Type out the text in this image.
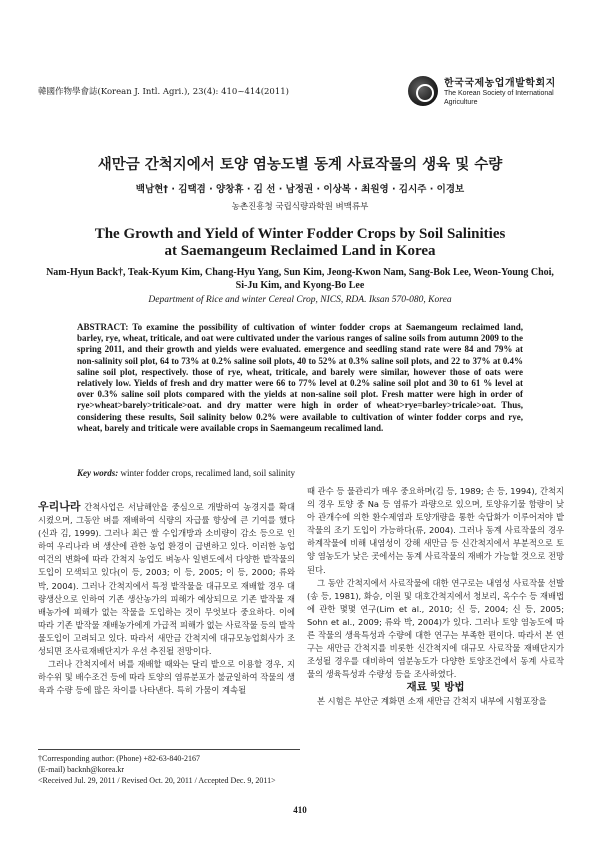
韓國作物學會誌(Korean J. Intl. Agri.), 23(4): 410~414(2011)
한국국제농업개발학회지
The Korean Society of International Agriculture
새만금 간척지에서 토양 염농도별 동계 사료작물의 생육 및 수량
백남현† · 김택겸 · 양창휴 · 김 선 · 남정권 · 이상복 · 최원영 · 김시주 · 이경보
농촌진흥청 국립식량과학원 벼맥류부
The Growth and Yield of Winter Fodder Crops by Soil Salinities
at Saemangeum Reclaimed Land in Korea
Nam-Hyun Back†, Teak-Kyum Kim, Chang-Hyu Yang, Sun Kim, Jeong-Kwon Nam, Sang-Bok Lee, Weon-Young Choi, Si-Ju Kim, and Kyong-Bo Lee
Department of Rice and winter Cereal Crop, NICS, RDA. Iksan 570-080, Korea
ABSTRACT: To examine the possibility of cultivation of winter fodder crops at Saemangeum reclaimed land, barley, rye, wheat, triticale, and oat were cultivated under the various ranges of saline soils from autumn 2009 to the spring 2011, and their growth and yields were evaluated. emergence and seedling stand rate were 84 and 79% at non-salinity soil plot, 64 to 73% at 0.2% saline soil plots, 40 to 52% at 0.3% saline soil plots, and 22 to 37% at 0.4% saline soil plot, respectively. those of rye, wheat, triticale, and barely were similar, however those of oats were relatively low. Yields of fresh and dry matter were 66 to 77% level at 0.2% saline soil plot and 30 to 61 % level at over 0.3% saline soil plots compared with the yields at non-saline soil plot. Fresh matter were high in order of rye>wheat>barely>triticale>oat. and dry matter were high in order of wheat>rye=barley>tricale>oat. Thus, considering these results, Soil salinity below 0.2% were available to cultivation of winter fodder corps and rye, wheat, barely and triticale were available crops in Saemangeum recalimed land.
Key words: winter fodder crops, recalimed land, soil salinity

우리나라 간척사업은 서남해안을 중심으로 개발하여 농경지를 확대시켰으며, 그동안 벼를 재배하여 식량의 자급률 향상에 큰 기여를 했다(신과 김, 1999). 그러나 최근 쌀 수입개방과 소비량이 감소 등으로 인하여 우리나라 벼 생산에 관한 농업 환경이 급변하고 있다. 이러한 농업여건의 변화에 따라 간척지 농업도 벼농사 일변도에서 다양한 밭작물의 도입이 모색되고 있다(이 등, 2003; 이 등, 2005; 이 등, 2000; 류와 박, 2004). 그러나 간척지에서 특정 밭작물을 대규모로 재배할 경우 대량생산으로 인하여 기존 생산농가의 피해가 예상되므로 기존 밭작물 재배농가에 피해가 없는 작물을 도입하는 것이 무엇보다 중요하다. 이에 따라 기존 밭작물 재배농가에게 가급적 피해가 없는 사료작물 등의 밭작물도입이 고려되고 있다. 따라서 새만금 간척지에 대규모농업회사가 조성되면 조사료재배단지가 우선 추진될 전망이다.

그러나 간척지에서 벼를 재배할 때와는 달리 밭으로 이용할 경우, 지하수위 및 배수조건 등에 따라 토양의 염류분포가 불균일하여 작물의 생육과 수량 등에 많은 차이를 나타낸다. 특히 가뭄이 계속될

때 관수 등 물관리가 매우 중요하며(김 등, 1989; 손 등, 1994), 간척지의 경우 토양 중 Na 등 염류가 과량으로 있으며, 토양유기물 함량이 낮아 관개수에 의한 환수제염과 토양개량을 통한 숙답화가 이루어져야 밭작물의 조기 도입이 가능하다(류, 2004). 그러나 동계 사료작물의 경우 하계작물에 비해 내염성이 강해 새만금 등 신간척지에서 부분적으로 토양 염농도가 낮은 곳에서는 동계 사료작물의 재배가 가능할 것으로 전망된다.

그 동안 간척지에서 사료작물에 대한 연구로는 내염성 사료작물 선발(송 등, 1981), 화승, 이원 및 대호간척지에서 청보리, 옥수수 등 재배법에 관한 몇몇 연구(Lim et al., 2010; 신 등, 2004; 신 등, 2005; Sohn et al., 2009; 류와 박, 2004)가 있다. 그러나 토양 염농도에 따른 작물의 생육특성과 수량에 대한 연구는 부족한 편이다. 따라서 본 연구는 새만금 간척지를 비롯한 신간척지에 대규모 사료작물 재배단지가 조성될 경우를 대비하여 염분농도가 다양한 토양조건에서 동계 사료작물의 생육특성과 수량성 등을 조사하였다.

재료 및 방법

본 시험은 부안군 계화면 소재 새만금 간척지 내부에 시험포장을

†Corresponding author: (Phone) +82-63-840-2167
(E-mail) backnh@korea.kr
<Received Jul. 29, 2011 / Revised Oct. 20, 2011 / Accepted Dec. 9, 2011>
410
